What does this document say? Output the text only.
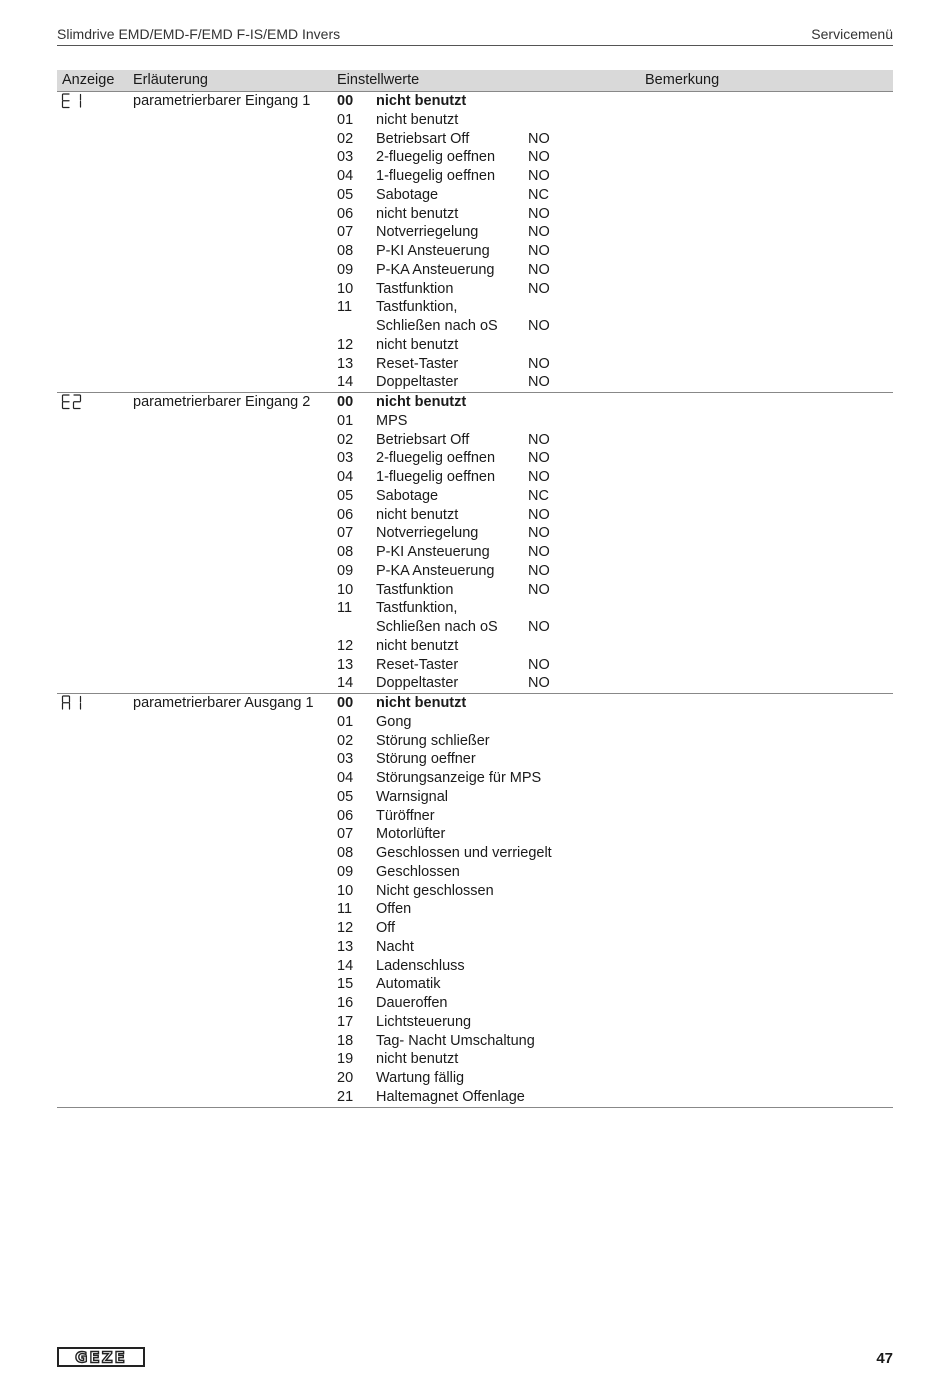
Slimdrive EMD/EMD-F/EMD F-IS/EMD Invers	Servicemenü
Anzeige Erläuterung	Einstellwerte	Bemerkung
parametrierbarer Eingang 1 00 nicht benutzt
01 nicht benutzt
02 Betriebsart Off	NO
03 2-fluegelig oeffnen NO
04 1-fluegelig oeffnen NO
05 Sabotage	NC
06 nicht benutzt	NO
07 Notverriegelung	NO
08 P-KI Ansteuerung	NO
09 P-KA Ansteuerung NO
10 Tastfunktion	NO
11 Tastfunktion,
Schließen nach oS NO
12 nicht benutzt
13 Reset-Taster	NO
14 Doppeltaster	NO
parametrierbarer Eingang 2 00 nicht benutzt
01 MPS
02 Betriebsart Off	NO
03 2-fluegelig oeffnen NO
04 1-fluegelig oeffnen NO
05 Sabotage	NC
06 nicht benutzt	NO
07 Notverriegelung	NO
08 P-KI Ansteuerung	NO
09 P-KA Ansteuerung NO
10 Tastfunktion	NO
11 Tastfunktion,
Schließen nach oS NO
12 nicht benutzt
13 Reset-Taster	NO
14 Doppeltaster	NO
parametrierbarer Ausgang 1 00 nicht benutzt
01 Gong
02 Störung schließer
03 Störung oeffner
04 Störungsanzeige für MPS
05 Warnsignal
06 Türöffner
07 Motorlüfter
08 Geschlossen und verriegelt
09 Geschlossen
10 Nicht geschlossen
11 Offen
12 Off
13 Nacht
14 Ladenschluss
15 Automatik
16 Daueroffen
17 Lichtsteuerung
18 Tag- Nacht Umschaltung
19 nicht benutzt
20 Wartung fällig
21 Haltemagnet Offenlage
GEZE	47
